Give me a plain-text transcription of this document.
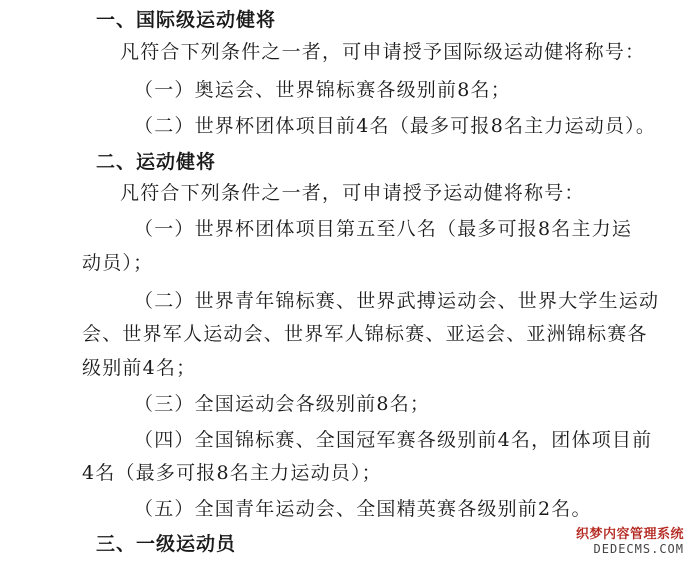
一、国际级运动健将
凡符合下列条件之一者，可申请授予国际级运动健将称号：
（一）奥运会、世界锦标赛各级别前8名；
（二）世界杯团体项目前4名（最多可报8名主力运动员）。
二、运动健将
凡符合下列条件之一者，可申请授予运动健将称号：
（一）世界杯团体项目第五至八名（最多可报8名主力运
动员）；
（二）世界青年锦标赛、世界武搏运动会、世界大学生运动
会、世界军人运动会、世界军人锦标赛、亚运会、亚洲锦标赛各
级别前4名；
（三）全国运动会各级别前8名；
（四）全国锦标赛、全国冠军赛各级别前4名，团体项目前
4名（最多可报8名主力运动员）；
（五）全国青年运动会、全国精英赛各级别前2名。
三、一级运动员	织梦内容管理系统
DEDECMS.COM
